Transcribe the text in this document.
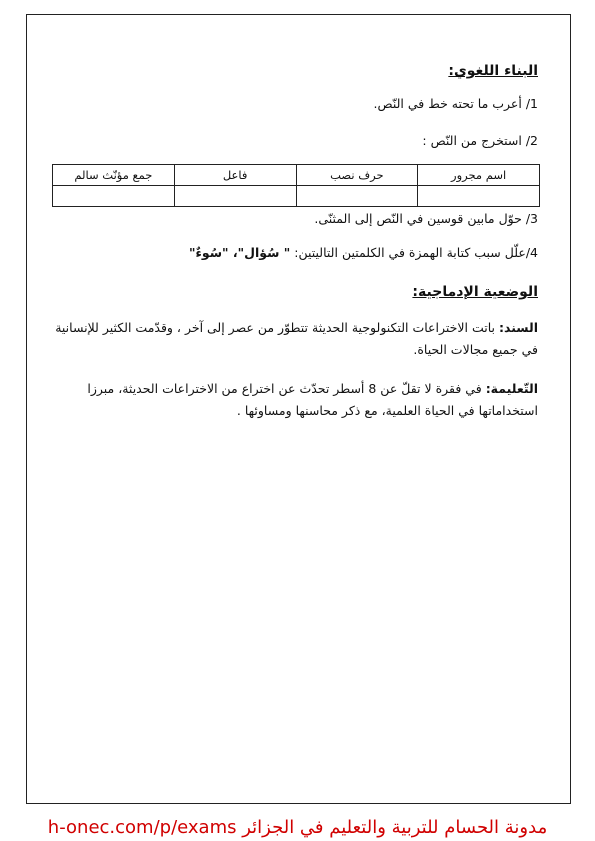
البناء اللغوي:
1/ أعرب ما تحته خط في النّص.
2/ استخرج من النّص :
اسم مجرور	حرف نصب	فاعل	جمع مؤنّث سالم

3/ حوّل مابين قوسين في النّص إلى المثنّى.
4/علّل سبب كتابة الهمزة في الكلمتين التاليتين: " سُؤال"، "سُوءٌ"
الوضعية الإدماجية:
السند: باتت الاختراعات التكنولوجية الحديثة تتطوّر من عصر إلى آخر ، وقدّمت الكثير للإنسانية في جميع مجالات الحياة.
التّعليمة: في فقرة لا تقلّ عن 8 أسطر تحدّث عن اختراع من الاختراعات الحديثة، مبرزا استخداماتها في الحياة العلمية، مع ذكر محاسنها ومساوئها .
h-onec.com/p/exams مدونة الحسام للتربية والتعليم في الجزائر
